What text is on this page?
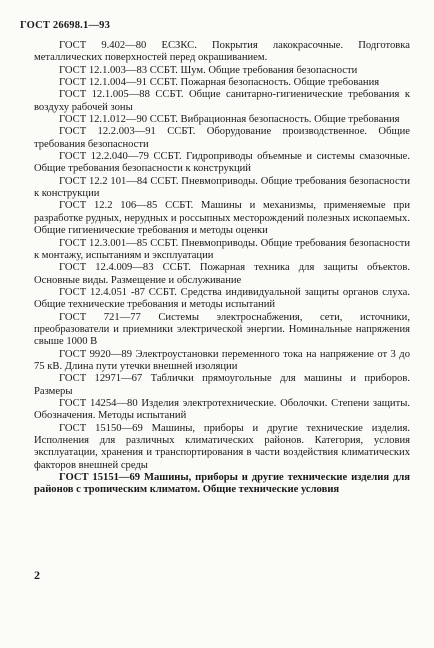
ГОСТ 26698.1—93

ГОСТ 9.402—80 ЕСЗКС. Покрытия лакокрасочные. Подготовка металлических поверхностей перед окрашиванием.

ГОСТ 12.1.003—83 ССБТ. Шум. Общие требования безопасности

ГОСТ 12.1.004—91 ССБТ. Пожарная безопасность. Общие требования

ГОСТ 12.1.005—88 ССБТ. Общие санитарно-гигиенические требования к воздуху рабочей зоны

ГОСТ 12.1.012—90 ССБТ. Вибрационная безопасность. Общие требования

ГОСТ 12.2.003—91 ССБТ. Оборудование производственное. Общие требования безопасности

ГОСТ 12.2.040—79 ССБТ. Гидроприводы объемные и системы смазочные. Общие требования безопасности к конструкций

ГОСТ 12.2 101—84 ССБТ. Пневмоприводы. Общие требования безопасности к конструкции

ГОСТ 12.2 106—85 ССБТ. Машины и механизмы, применяемые при разработке рудных, нерудных и россыпных месторождений полезных ископаемых. Общие гигиенические требования и методы оценки

ГОСТ 12.3.001—85 ССБТ. Пневмоприводы. Общие требования безопасности к монтажу, испытаниям и эксплуатации

ГОСТ 12.4.009—83 ССБТ. Пожарная техника для защиты объектов. Основные виды. Размещение и обслуживание

ГОСТ 12.4.051 -87 ССБТ. Средства индивидуальной защиты органов слуха. Общие технические требования и методы испытаний

ГОСТ 721—77 Системы электроснабжения, сети, источники, преобразователи и приемники электрической энергии. Номинальные напряжения свыше 1000 В

ГОСТ 9920—89 Электроустановки переменного тока на напряжение от 3 до 75 кВ. Длина пути утечки внешней изоляции

ГОСТ 12971—67 Таблички прямоугольные для машины и приборов. Размеры

ГОСТ 14254—80 Изделия электротехнические. Оболочки. Степени защиты. Обозначения. Методы испытаний

ГОСТ 15150—69 Машины, приборы и другие технические изделия. Исполнения для различных климатических районов. Категория, условия эксплуатации, хранения и транспортирования в части воздействия климатических факторов внешней среды

ГОСТ 15151—69 Машины, приборы и другие технические изделия для районов с тропическим климатом. Общие технические условия

2
